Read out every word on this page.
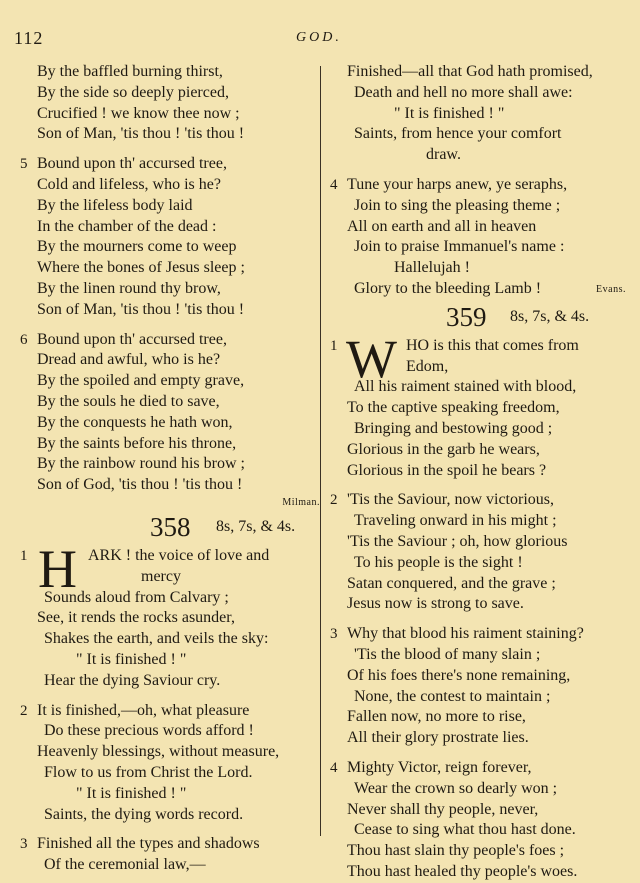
112	GOD.
By the baffled burning thirst,
By the side so deeply pierced,
Crucified ! we know thee now ;
Son of Man, 'tis thou ! 'tis thou !
5 Bound upon th' accursed tree,
Cold and lifeless, who is he?
By the lifeless body laid
In the chamber of the dead :
By the mourners come to weep
Where the bones of Jesus sleep ;
By the linen round thy brow,
Son of Man, 'tis thou ! 'tis thou !
6 Bound upon th' accursed tree,
Dread and awful, who is he?
By the spoiled and empty grave,
By the souls he died to save,
By the conquests he hath won,
By the saints before his throne,
By the rainbow round his brow ;
Son of God, 'tis thou ! 'tis thou !
Milman.
358 8s, 7s, & 4s.
H
1	ARK ! the voice of love and
mercy
Sounds aloud from Calvary ;
See, it rends the rocks asunder,
Shakes the earth, and veils the sky:
" It is finished ! "
Hear the dying Saviour cry.
2 It is finished,—oh, what pleasure
Do these precious words afford !
Heavenly blessings, without measure,
Flow to us from Christ the Lord.
" It is finished ! "
Saints, the dying words record.
3 Finished all the types and shadows
Of the ceremonial law,—
Finished—all that God hath promised,
Death and hell no more shall awe:
" It is finished ! "
Saints, from hence your comfort
draw.
4 Tune your harps anew, ye seraphs,
Join to sing the pleasing theme ;
All on earth and all in heaven
Join to praise Immanuel's name :
Hallelujah !
Glory to the bleeding Lamb !	Evans.
359 8s, 7s, & 4s.
W
1	HO is this that comes from
Edom,
All his raiment stained with blood,
To the captive speaking freedom,
Bringing and bestowing good ;
Glorious in the garb he wears,
Glorious in the spoil he bears ?
2 'Tis the Saviour, now victorious,
Traveling onward in his might ;
'Tis the Saviour ; oh, how glorious
To his people is the sight !
Satan conquered, and the grave ;
Jesus now is strong to save.
3 Why that blood his raiment staining?
'Tis the blood of many slain ;
Of his foes there's none remaining,
None, the contest to maintain ;
Fallen now, no more to rise,
All their glory prostrate lies.
4 Mighty Victor, reign forever,
Wear the crown so dearly won ;
Never shall thy people, never,
Cease to sing what thou hast done.
Thou hast slain thy people's foes ;
Thou hast healed thy people's woes.
